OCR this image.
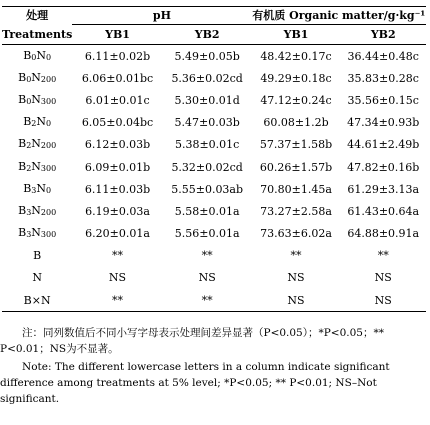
处理	pH		有机质 Organic matter/g·kg⁻¹	
Treatments	YB1	YB2	YB1	YB2
B0N0	6.11±0.02b	5.49±0.05b	48.42±0.17c	36.44±0.48c
B0N200	6.06±0.01bc	5.36±0.02cd	49.29±0.18c	35.83±0.28c
B0N300	6.01±0.01c	5.30±0.01d	47.12±0.24c	35.56±0.15c
B2N0	6.05±0.04bc	5.47±0.03b	60.08±1.2b	47.34±0.93b
B2N200	6.12±0.03b	5.38±0.01c	57.37±1.58b	44.61±2.49b
B2N300	6.09±0.01b	5.32±0.02cd	60.26±1.57b	47.82±0.16b
B3N0	6.11±0.03b	5.55±0.03ab	70.80±1.45a	61.29±3.13a
B3N200	6.19±0.03a	5.58±0.01a	73.27±2.58a	61.43±0.64a
B3N300	6.20±0.01a	5.56±0.01a	73.63±6.02a	64.88±0.91a
B	**	**	**	**
N	NS	NS	NS	NS
B×N	**	**	NS	NS

注：同列数值后不同小写字母表示处理间差异显著（P<0.05）；*P<0.05；** P<0.01；NS为不显著。

Note: The different lowercase letters in a column indicate significant difference among treatments at 5% level; *P<0.05; ** P<0.01; NS–Not significant.
